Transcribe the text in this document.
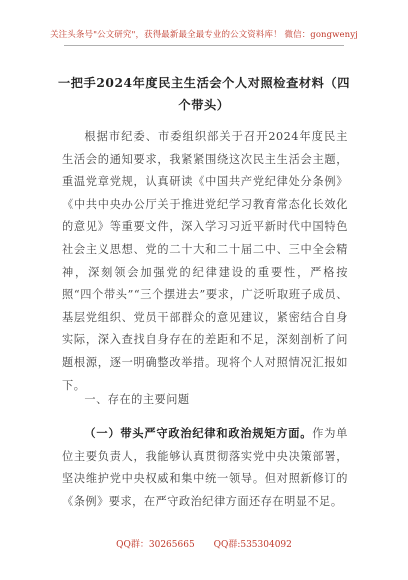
关注头条号"公文研究"，获得最新最全最专业的公文资料库！ 微信：gongwenyj
一把手2024年度民主生活会个人对照检查材料（四个带头）

根据市纪委、市委组织部关于召开2024年度民主生活会的通知要求，我紧紧围绕这次民主生活会主题，重温党章党规，认真研读《中国共产党纪律处分条例》《中共中央办公厅关于推进党纪学习教育常态化长效化的意见》等重要文件，深入学习习近平新时代中国特色社会主义思想、党的二十大和二十届二中、三中全会精神，深刻领会加强党的纪律建设的重要性，严格按照“四个带头”“三个摆进去”要求，广泛听取班子成员、基层党组织、党员干部群众的意见建议，紧密结合自身实际，深入查找自身存在的差距和不足，深刻剖析了问题根源，逐一明确整改举措。现将个人对照情况汇报如下。

一、存在的主要问题

（一）带头严守政治纪律和政治规矩方面。作为单位主要负责人，我能够认真贯彻落实党中央决策部署，坚决维护党中央权威和集中统一领导。但对照新修订的《条例》要求，在严守政治纪律方面还存在明显不足。

QQ群：30265665 QQ群:535304092
